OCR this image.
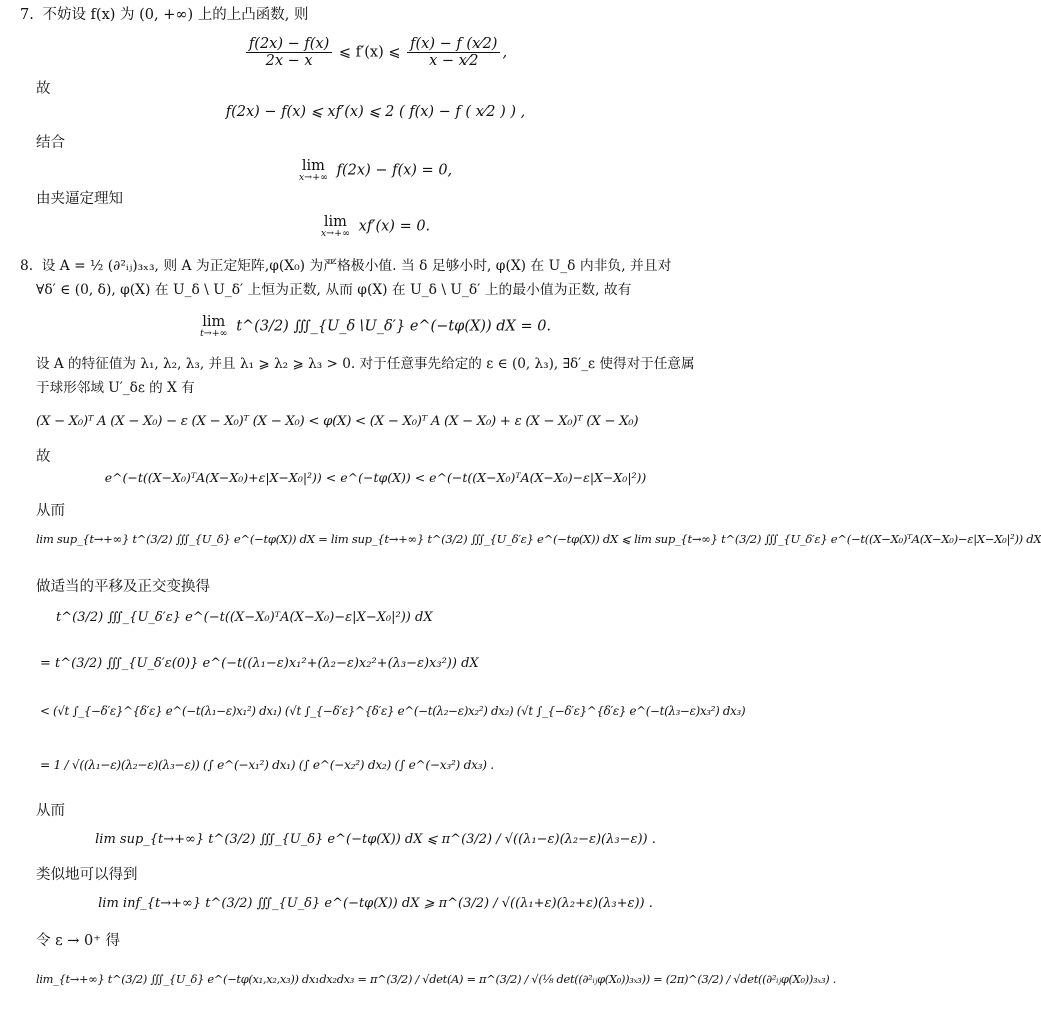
7. 不妨设 f(x) 为 (0, +∞) 上的上凸函数, 则
$\frac{f(2x) - f(x)}{2x - x}$ ⩽ f′(x) ⩽ $\frac{f(x) - f (x⁄2)}{x - x⁄2}$ ,
故
f(2x) − f(x) ⩽ xf′(x) ⩽ 2 ( f(x) − f ( x⁄2 ) ) ,
结合
lim
x→+∞ f(2x) − f(x) = 0,
由夹逼定理知
lim
x→+∞ xf′(x) = 0.
8. 设 A = ½ (∂²ᵢⱼ)₃ₓ₃, 则 A 为正定矩阵,φ(X₀) 为严格极小值. 当 δ 足够小时, φ(X) 在 U_δ 内非负, 并且对
∀δ′ ∈ (0, δ), φ(X) 在 U_δ \ U_δ′ 上恒为正数, 从而 φ(X) 在 U_δ \ U_δ′ 上的最小值为正数, 故有
lim
t→+∞ t^(3/2) ∭_{U_δ∖U_δ′} e^(−tφ(X)) dX = 0.
设 A 的特征值为 λ₁, λ₂, λ₃, 并且 λ₁ ⩾ λ₂ ⩾ λ₃ > 0. 对于任意事先给定的 ε ∈ (0, λ₃), ∃δ′_ε 使得对于任意属
于球形邻域 U′_δε 的 X 有
(X − X₀)ᵀ A (X − X₀) − ε (X − X₀)ᵀ (X − X₀) < φ(X) < (X − X₀)ᵀ A (X − X₀) + ε (X − X₀)ᵀ (X − X₀)
故
e^(−t((X−X₀)ᵀA(X−X₀)+ε|X−X₀|²)) < e^(−tφ(X)) < e^(−t((X−X₀)ᵀA(X−X₀)−ε|X−X₀|²))
从而
lim sup_{t→+∞} t^(3/2) ∭_{U_δ} e^(−tφ(X)) dX = lim sup_{t→+∞} t^(3/2) ∭_{U_δ′ε} e^(−tφ(X)) dX ⩽ lim sup_{t→∞} t^(3/2) ∭_{U_δ′ε} e^(−t((X−X₀)ᵀA(X−X₀)−ε|X−X₀|²)) dX
做适当的平移及正交变换得
t^(3/2) ∭_{U_δ′ε} e^(−t((X−X₀)ᵀA(X−X₀)−ε|X−X₀|²)) dX
= t^(3/2) ∭_{U_δ′ε(0)} e^(−t((λ₁−ε)x₁²+(λ₂−ε)x₂²+(λ₃−ε)x₃²)) dX
< (√t ∫_{−δ′ε}^{δ′ε} e^(−t(λ₁−ε)x₁²) dx₁) (√t ∫_{−δ′ε}^{δ′ε} e^(−t(λ₂−ε)x₂²) dx₂) (√t ∫_{−δ′ε}^{δ′ε} e^(−t(λ₃−ε)x₃²) dx₃)
= 1 / √((λ₁−ε)(λ₂−ε)(λ₃−ε)) (∫ e^(−x₁²) dx₁) (∫ e^(−x₂²) dx₂) (∫ e^(−x₃²) dx₃) .
从而
lim sup_{t→+∞} t^(3/2) ∭_{U_δ} e^(−tφ(X)) dX ⩽ π^(3/2) / √((λ₁−ε)(λ₂−ε)(λ₃−ε)) .
类似地可以得到
lim inf_{t→+∞} t^(3/2) ∭_{U_δ} e^(−tφ(X)) dX ⩾ π^(3/2) / √((λ₁+ε)(λ₂+ε)(λ₃+ε)) .
令 ε → 0⁺ 得
lim_{t→+∞} t^(3/2) ∭_{U_δ} e^(−tφ(x₁,x₂,x₃)) dx₁dx₂dx₃ = π^(3/2) / √det(A) = π^(3/2) / √(⅛ det((∂²ᵢⱼφ(X₀))₃ₓ₃)) = (2π)^(3/2) / √det((∂²ᵢⱼφ(X₀))₃ₓ₃) .
